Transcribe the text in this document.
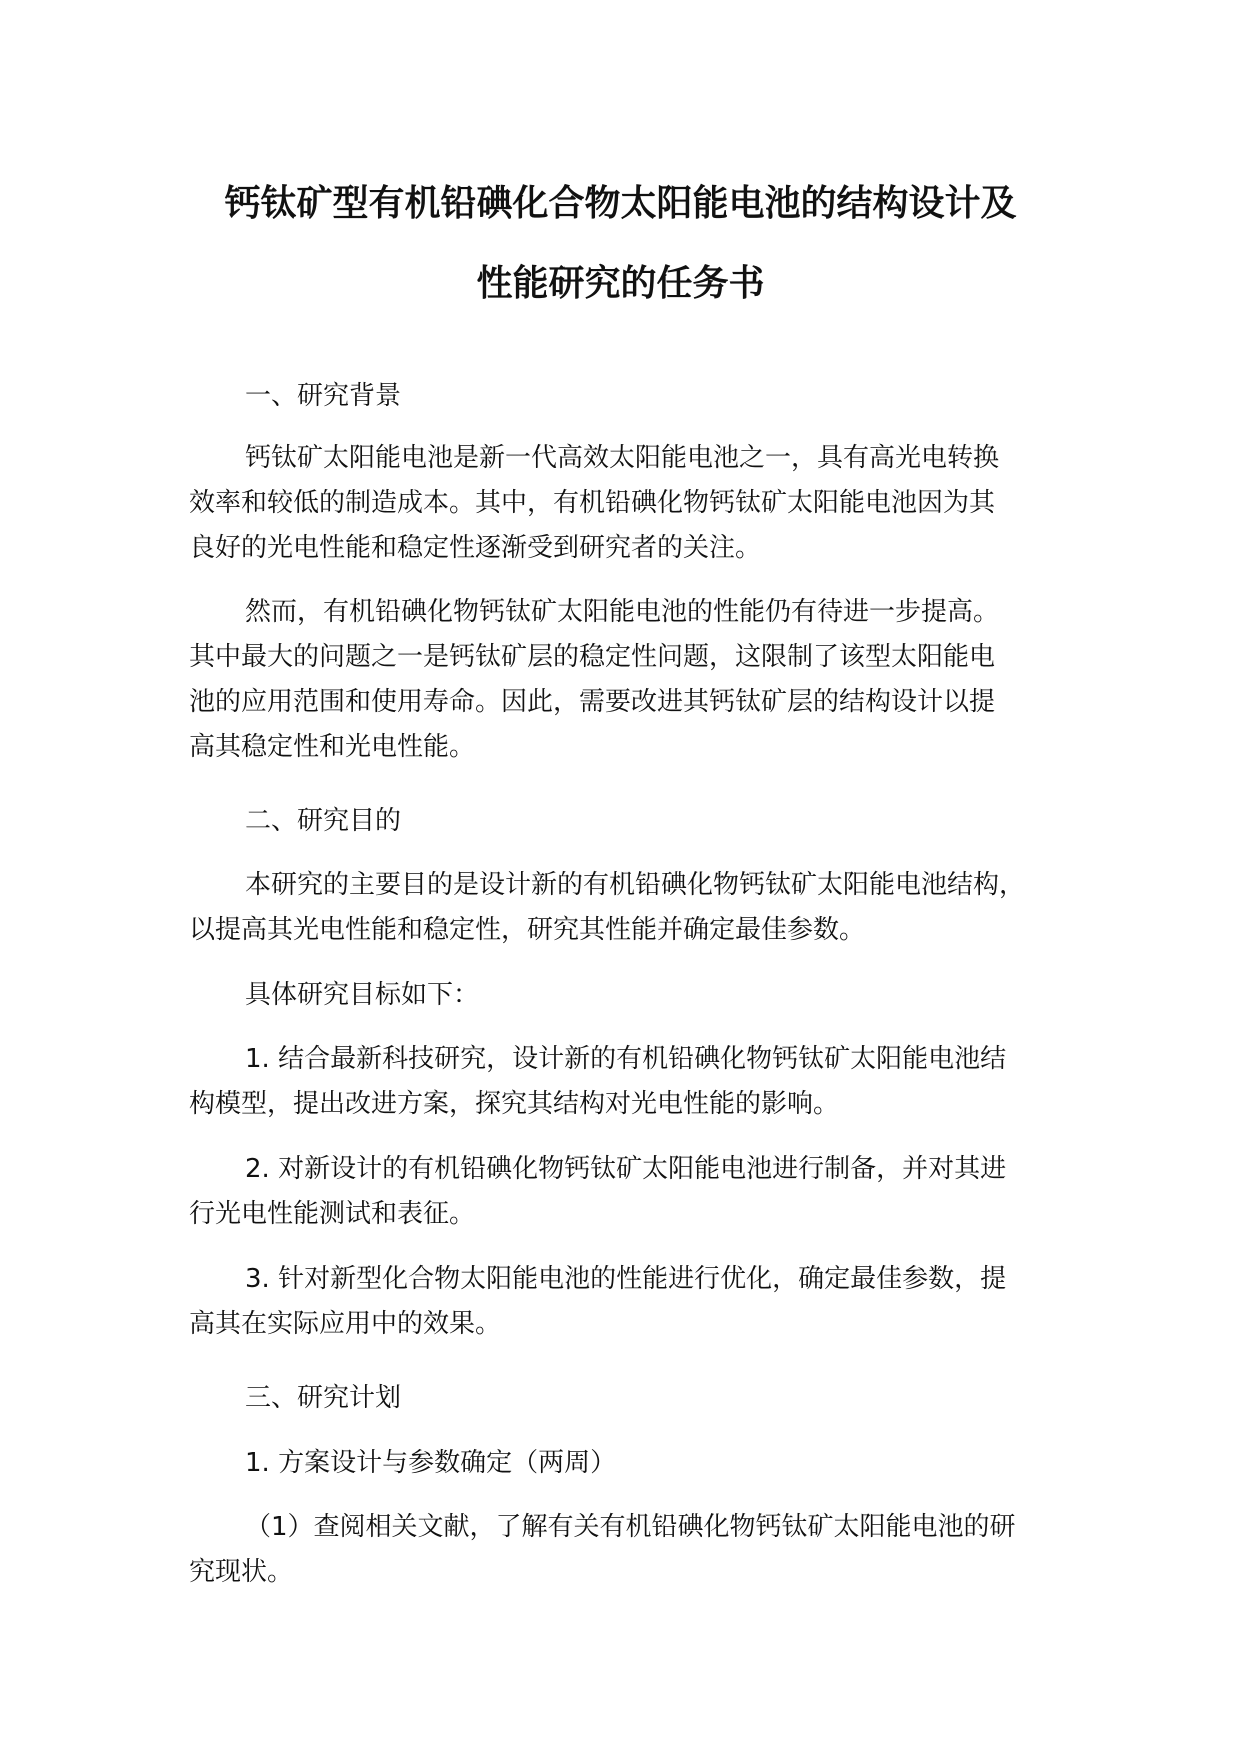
钙钛矿型有机铅碘化合物太阳能电池的结构设计及
性能研究的任务书
一、研究背景
钙钛矿太阳能电池是新一代高效太阳能电池之一，具有高光电转换
效率和较低的制造成本。其中，有机铅碘化物钙钛矿太阳能电池因为其
良好的光电性能和稳定性逐渐受到研究者的关注。
然而，有机铅碘化物钙钛矿太阳能电池的性能仍有待进一步提高。
其中最大的问题之一是钙钛矿层的稳定性问题，这限制了该型太阳能电
池的应用范围和使用寿命。因此，需要改进其钙钛矿层的结构设计以提
高其稳定性和光电性能。
二、研究目的
本研究的主要目的是设计新的有机铅碘化物钙钛矿太阳能电池结构，
以提高其光电性能和稳定性，研究其性能并确定最佳参数。
具体研究目标如下：
1. 结合最新科技研究，设计新的有机铅碘化物钙钛矿太阳能电池结
构模型，提出改进方案，探究其结构对光电性能的影响。
2. 对新设计的有机铅碘化物钙钛矿太阳能电池进行制备，并对其进
行光电性能测试和表征。
3. 针对新型化合物太阳能电池的性能进行优化，确定最佳参数，提
高其在实际应用中的效果。
三、研究计划
1. 方案设计与参数确定（两周）
（1）查阅相关文献，了解有关有机铅碘化物钙钛矿太阳能电池的研
究现状。
